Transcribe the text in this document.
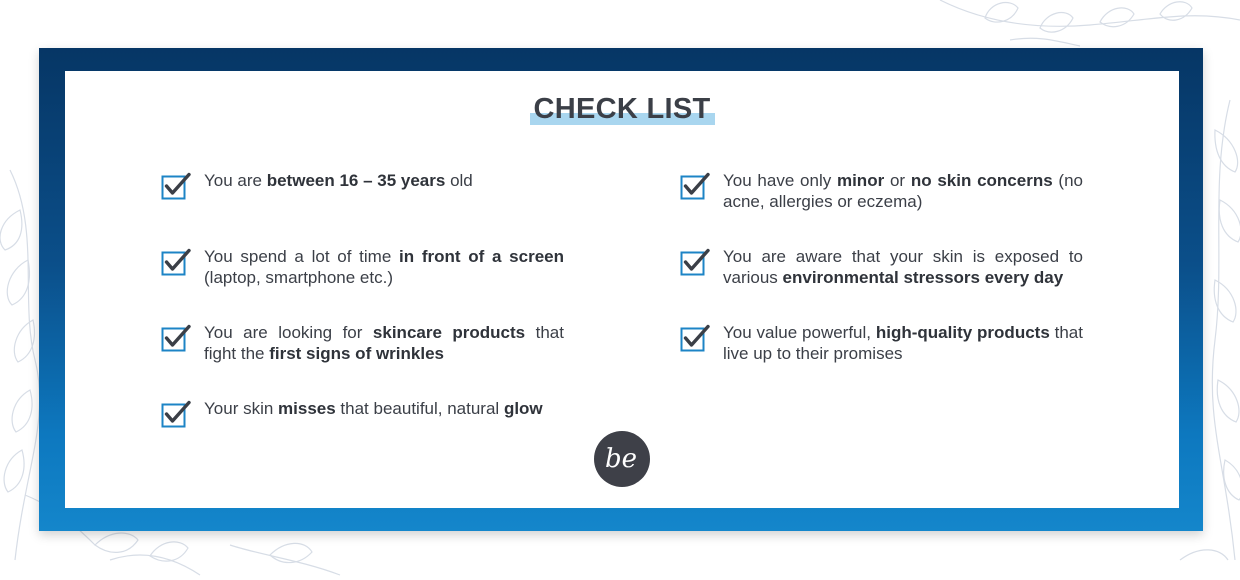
CHECK LIST
You are between 16 – 35 years old
You spend a lot of time in front of a screen (laptop, smartphone etc.)
You are looking for skincare products that fight the first signs of wrinkles
Your skin misses that beautiful, natural glow
You have only minor or no skin concerns (no acne, allergies or eczema)
You are aware that your skin is exposed to various environmental stressors every day
You value powerful, high-quality products that live up to their promises
be
